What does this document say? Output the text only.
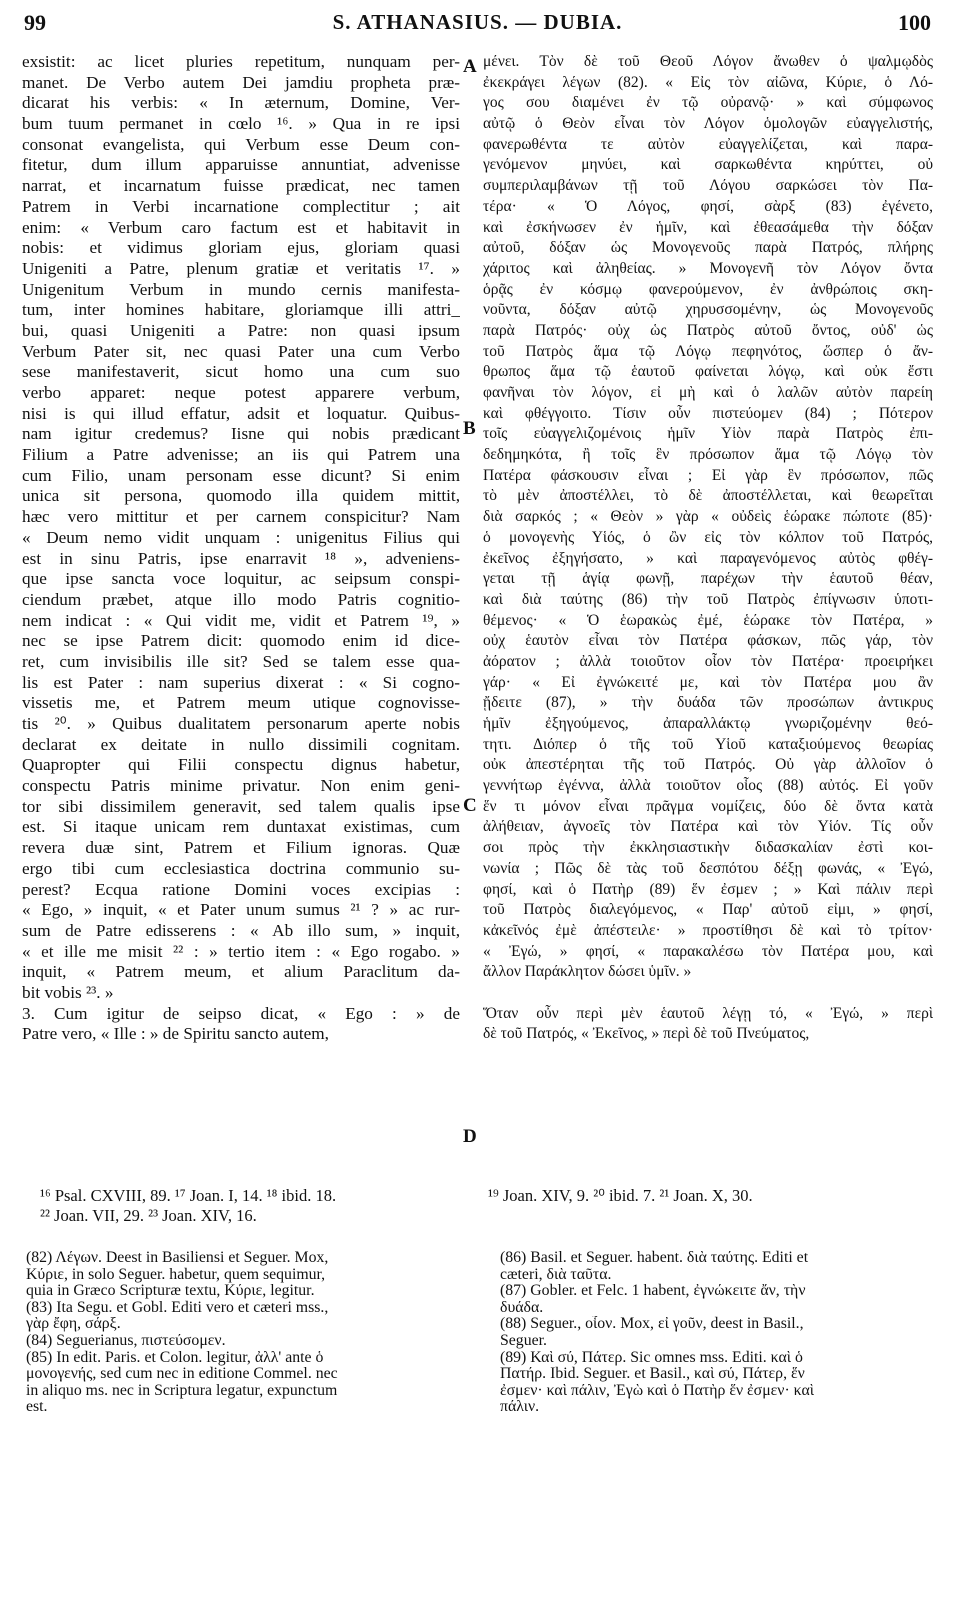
99	S. ATHANASIUS. — DUBIA.	100
exsistit: ac licet pluries repetitum, nunquam per-
manet. De Verbo autem Dei jamdiu propheta præ-
dicarat his verbis: « In æternum, Domine, Ver-
bum tuum permanet in cœlo ¹⁶. » Qua in re ipsi
consonat evangelista, qui Verbum esse Deum con-
fitetur, dum illum apparuisse annuntiat, advenisse
narrat, et incarnatum fuisse prædicat, nec tamen
Patrem in Verbi incarnatione complectitur ; ait
enim: « Verbum caro factum est et habitavit in
nobis: et vidimus gloriam ejus, gloriam quasi
Unigeniti a Patre, plenum gratiæ et veritatis ¹⁷. »
Unigenitum Verbum in mundo cernis manifesta-
tum, inter homines habitare, gloriamque illi attri_
bui, quasi Unigeniti a Patre: non quasi ipsum
Verbum Pater sit, nec quasi Pater una cum Verbo
sese manifestaverit, sicut homo una cum suo
verbo apparet: neque potest apparere verbum,
nisi is qui illud effatur, adsit et loquatur. Quibus-
nam igitur credemus? Iisne qui nobis prædicant
Filium a Patre advenisse; an iis qui Patrem una
cum Filio, unam personam esse dicunt? Si enim
unica sit persona, quomodo illa quidem mittit,
hæc vero mittitur et per carnem conspicitur? Nam
« Deum nemo vidit unquam : unigenitus Filius qui
est in sinu Patris, ipse enarravit ¹⁸ », adveniens-
que ipse sancta voce loquitur, ac seipsum conspi-
ciendum præbet, atque illo modo Patris cognitio-
nem indicat : « Qui vidit me, vidit et Patrem ¹⁹, »
nec se ipse Patrem dicit: quomodo enim id dice-
ret, cum invisibilis ille sit? Sed se talem esse qua-
lis est Pater : nam superius dixerat : « Si cogno-
vissetis me, et Patrem meum utique cognovisse-
tis ²⁰. » Quibus dualitatem personarum aperte nobis
declarat ex deitate in nullo dissimili cognitam.
Quapropter qui Filii conspectu dignus habetur,
conspectu Patris minime privatur. Non enim geni-
tor sibi dissimilem generavit, sed talem qualis ipse
est. Si itaque unicam rem duntaxat existimas, cum
revera duæ sint, Patrem et Filium ignoras. Quæ
ergo tibi cum ecclesiastica doctrina communio su-
perest? Ecqua ratione Domini voces excipias :
« Ego, » inquit, « et Pater unum sumus ²¹ ? » ac rur-
sum de Patre edisserens : « Ab illo sum, » inquit,
« et ille me misit ²² : » tertio item : « Ego rogabo. »
inquit, « Patrem meum, et alium Paraclitum da-
bit vobis ²³. »
3. Cum igitur de seipso dicat, « Ego : » de
Patre vero, « Ille : » de Spiritu sancto autem,
μένει. Τὸν δὲ τοῦ Θεοῦ Λόγον ἄνωθεν ὁ ψαλμῳδὸς
ἐκεκράγει λέγων (82). « Εἰς τὸν αἰῶνα, Κύριε, ὁ Λό-
γος σου διαμένει ἐν τῷ οὐρανῷ· » καὶ σύμφωνος
αὐτῷ ὁ Θεὸν εἶναι τὸν Λόγον ὁμολογῶν εὐαγγελιστής,
φανερωθέντα τε αὐτὸν εὐαγγελίζεται, καὶ παρα-
γενόμενον μηνύει, καὶ σαρκωθέντα κηρύττει, οὐ
συμπεριλαμβάνων τῇ τοῦ Λόγου σαρκώσει τὸν Πα-
τέρα· « Ὁ Λόγος, φησί, σὰρξ (83) ἐγένετο,
καὶ ἐσκήνωσεν ἐν ἡμῖν, καὶ ἐθεασάμεθα τὴν δόξαν
αὐτοῦ, δόξαν ὡς Μονογενοῦς παρὰ Πατρός, πλήρης
χάριτος καὶ ἀληθείας. » Μονογενῆ τὸν Λόγον ὄντα
ὁρᾷς ἐν κόσμῳ φανερούμενον, ἐν ἀνθρώποις σκη-
νοῦντα, δόξαν αὐτῷ χηρυσσομένην, ὡς Μονογενοῦς
παρὰ Πατρός· οὐχ ὡς Πατρὸς αὐτοῦ ὄντος, οὐδ' ὡς
τοῦ Πατρὸς ἅμα τῷ Λόγῳ πεφηνότος, ὥσπερ ὁ ἄν-
θρωπος ἅμα τῷ ἑαυτοῦ φαίνεται λόγῳ, καὶ οὐκ ἔστι
φανῆναι τὸν λόγον, εἰ μὴ καὶ ὁ λαλῶν αὐτὸν παρείη
καὶ φθέγγοιτο. Τίσιν οὖν πιστεύομεν (84) ; Πότερον
τοῖς εὐαγγελιζομένοις ἡμῖν Υἱὸν παρὰ Πατρὸς ἐπι-
δεδημηκότα, ἢ τοῖς ἓν πρόσωπον ἅμα τῷ Λόγῳ τὸν
Πατέρα φάσκουσιν εἶναι ; Εἰ γὰρ ἓν πρόσωπον, πῶς
τὸ μὲν ἀποστέλλει, τὸ δὲ ἀποστέλλεται, καὶ θεωρεῖται
διὰ σαρκός ; « Θεὸν » γὰρ « οὐδεὶς ἑώρακε πώποτε (85)·
ὁ μονογενὴς Υἱός, ὁ ὢν εἰς τὸν κόλπον τοῦ Πατρός,
ἐκεῖνος ἐξηγήσατο, » καὶ παραγενόμενος αὐτὸς φθέγ-
γεται τῇ ἁγίᾳ φωνῇ, παρέχων τὴν ἑαυτοῦ θέαν,
καὶ διὰ ταύτης (86) τὴν τοῦ Πατρὸς ἐπίγνωσιν ὑποτι-
θέμενος· « Ὁ ἑωρακὼς ἐμέ, ἑώρακε τὸν Πατέρα, »
οὐχ ἑαυτὸν εἶναι τὸν Πατέρα φάσκων, πῶς γάρ, τὸν
ἀόρατον ; ἀλλὰ τοιοῦτον οἷον τὸν Πατέρα· προειρήκει
γάρ· « Εἰ ἐγνώκειτέ με, καὶ τὸν Πατέρα μου ἂν
ᾔδειτε (87), » τὴν δυάδα τῶν προσώπων ἀντικρυς
ἡμῖν ἐξηγούμενος, ἀπαραλλάκτῳ γνωριζομένην θεό-
τητι. Διόπερ ὁ τῆς τοῦ Υἱοῦ καταξιούμενος θεωρίας
οὐκ ἀπεστέρηται τῆς τοῦ Πατρός. Οὐ γὰρ ἀλλοῖον ὁ
γεννήτωρ ἐγέννα, ἀλλὰ τοιοῦτον οἷος (88) αὐτός. Εἰ γοῦν
ἕν τι μόνον εἶναι πρᾶγμα νομίζεις, δύο δὲ ὄντα κατὰ
ἀλήθειαν, ἀγνοεῖς τὸν Πατέρα καὶ τὸν Υἱόν. Τίς οὖν
σοι πρὸς τὴν ἐκκλησιαστικὴν διδασκαλίαν ἐστὶ κοι-
νωνία ; Πῶς δὲ τὰς τοῦ δεσπότου δέξῃ φωνάς, « Ἐγώ,
φησί, καὶ ὁ Πατὴρ (89) ἕν ἐσμεν ; » Καὶ πάλιν περὶ
τοῦ Πατρὸς διαλεγόμενος, « Παρ' αὐτοῦ εἰμι, » φησί,
κἀκεῖνός ἐμὲ ἀπέστειλε· » προστίθησι δὲ καὶ τὸ τρίτον·
« Ἐγώ, » φησί, « παρακαλέσω τὸν Πατέρα μου, καὶ
ἄλλον Παράκλητον δώσει ὑμῖν. »
Ὅταν οὖν περὶ μὲν ἑαυτοῦ λέγῃ τό, « Ἐγώ, » περὶ
δὲ τοῦ Πατρός, « Ἐκεῖνος, » περὶ δὲ τοῦ Πνεύματος,
A
B
C
D
¹⁶ Psal. CXVIII, 89. ¹⁷ Joan. I, 14. ¹⁸ ibid. 18.
²² Joan. VII, 29. ²³ Joan. XIV, 16.
¹⁹ Joan. XIV, 9. ²⁰ ibid. 7. ²¹ Joan. X, 30.
(82) Λέγων. Deest in Basiliensi et Seguer. Mox,
Κύριε, in solo Seguer. habetur, quem sequimur,
quia in Græco Scripturæ textu, Κύριε, legitur.
(83) Ita Segu. et Gobl. Editi vero et cæteri mss.,
γὰρ ἔφη, σάρξ.
(84) Seguerianus, πιστεύσομεν.
(85) In edit. Paris. et Colon. legitur, ἀλλ' ante ὁ
μονογενής, sed cum nec in editione Commel. nec
in aliquo ms. nec in Scriptura legatur, expunctum
est.
(86) Basil. et Seguer. habent. διὰ ταύτης. Editi et
cæteri, διὰ ταῦτα.
(87) Gobler. et Felc. 1 habent, ἐγνώκειτε ἄν, τὴν
δυάδα.
(88) Seguer., οἷον. Mox, εἰ γοῦν, deest in Basil.,
Seguer.
(89) Καὶ σύ, Πάτερ. Sic omnes mss. Editi. καὶ ὁ
Πατήρ. Ibid. Seguer. et Basil., καὶ σύ, Πάτερ, ἕν
ἐσμεν· καὶ πάλιν, Ἐγὼ καὶ ὁ Πατὴρ ἕν ἐσμεν· καὶ
πάλιν.
